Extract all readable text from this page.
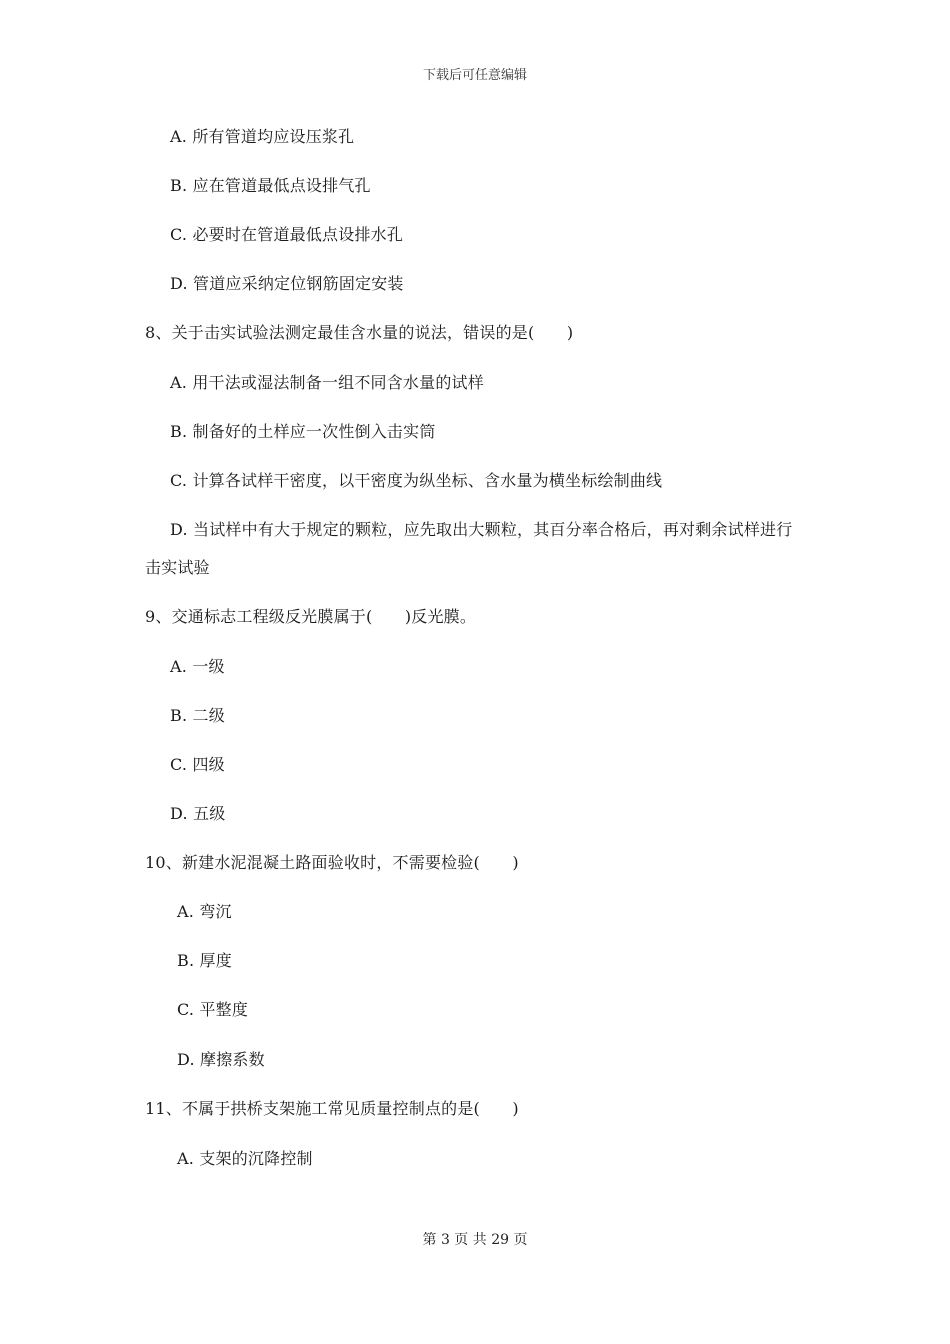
下载后可任意编辑
A. 所有管道均应设压浆孔
B. 应在管道最低点设排气孔
C. 必要时在管道最低点设排水孔
D. 管道应采纳定位钢筋固定安装
8、关于击实试验法测定最佳含水量的说法，错误的是(　　)
A. 用干法或湿法制备一组不同含水量的试样
B. 制备好的土样应一次性倒入击实筒
C. 计算各试样干密度，以干密度为纵坐标、含水量为横坐标绘制曲线
D. 当试样中有大于规定的颗粒，应先取出大颗粒，其百分率合格后，再对剩余试样进行
击实试验
9、交通标志工程级反光膜属于(　　)反光膜。
A. 一级
B. 二级
C. 四级
D. 五级
10、新建水泥混凝土路面验收时，不需要检验(　　)
A. 弯沉
B. 厚度
C. 平整度
D. 摩擦系数
11、不属于拱桥支架施工常见质量控制点的是(　　)
A. 支架的沉降控制
第 3 页 共 29 页
